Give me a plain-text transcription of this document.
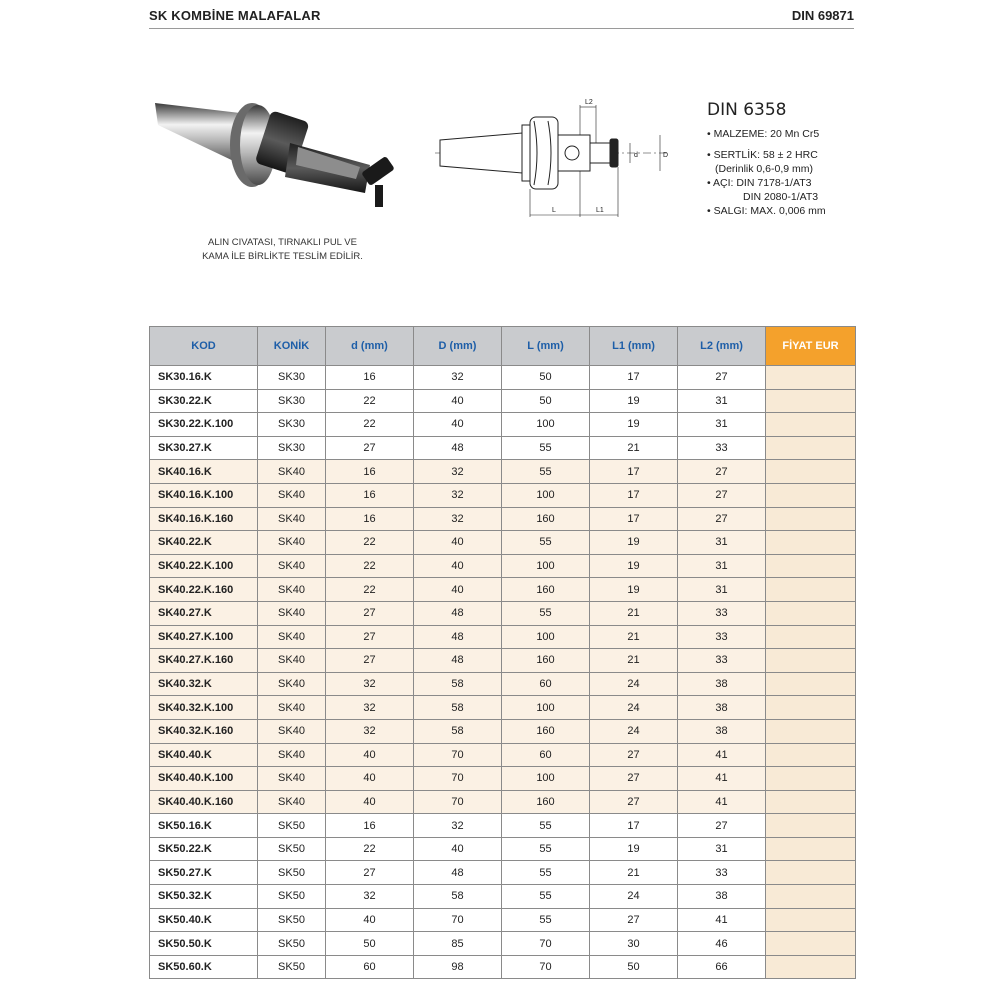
SK KOMBİNE MALAFALAR	DIN 69871
ALIN CIVATASI, TIRNAKLI PUL VE
KAMA İLE BİRLİKTE TESLİM EDİLİR.
L2
L	L1
d	D
DIN 6358
• MALZEME: 20 Mn Cr5
• SERTLİK: 58 ± 2 HRC
(Derinlik 0,6-0,9 mm)
• AÇI: DIN 7178-1/AT3
DIN 2080-1/AT3
• SALGI: MAX. 0,006 mm
KOD	KONİK	d (mm)	D (mm)	L (mm)	L1 (mm)	L2 (mm)	FİYAT EUR
SK30.16.K	SK30	16	32	50	17	27	
SK30.22.K	SK30	22	40	50	19	31	
SK30.22.K.100	SK30	22	40	100	19	31	
SK30.27.K	SK30	27	48	55	21	33	
SK40.16.K	SK40	16	32	55	17	27	
SK40.16.K.100	SK40	16	32	100	17	27	
SK40.16.K.160	SK40	16	32	160	17	27	
SK40.22.K	SK40	22	40	55	19	31	
SK40.22.K.100	SK40	22	40	100	19	31	
SK40.22.K.160	SK40	22	40	160	19	31	
SK40.27.K	SK40	27	48	55	21	33	
SK40.27.K.100	SK40	27	48	100	21	33	
SK40.27.K.160	SK40	27	48	160	21	33	
SK40.32.K	SK40	32	58	60	24	38	
SK40.32.K.100	SK40	32	58	100	24	38	
SK40.32.K.160	SK40	32	58	160	24	38	
SK40.40.K	SK40	40	70	60	27	41	
SK40.40.K.100	SK40	40	70	100	27	41	
SK40.40.K.160	SK40	40	70	160	27	41	
SK50.16.K	SK50	16	32	55	17	27	
SK50.22.K	SK50	22	40	55	19	31	
SK50.27.K	SK50	27	48	55	21	33	
SK50.32.K	SK50	32	58	55	24	38	
SK50.40.K	SK50	40	70	55	27	41	
SK50.50.K	SK50	50	85	70	30	46	
SK50.60.K	SK50	60	98	70	50	66	
